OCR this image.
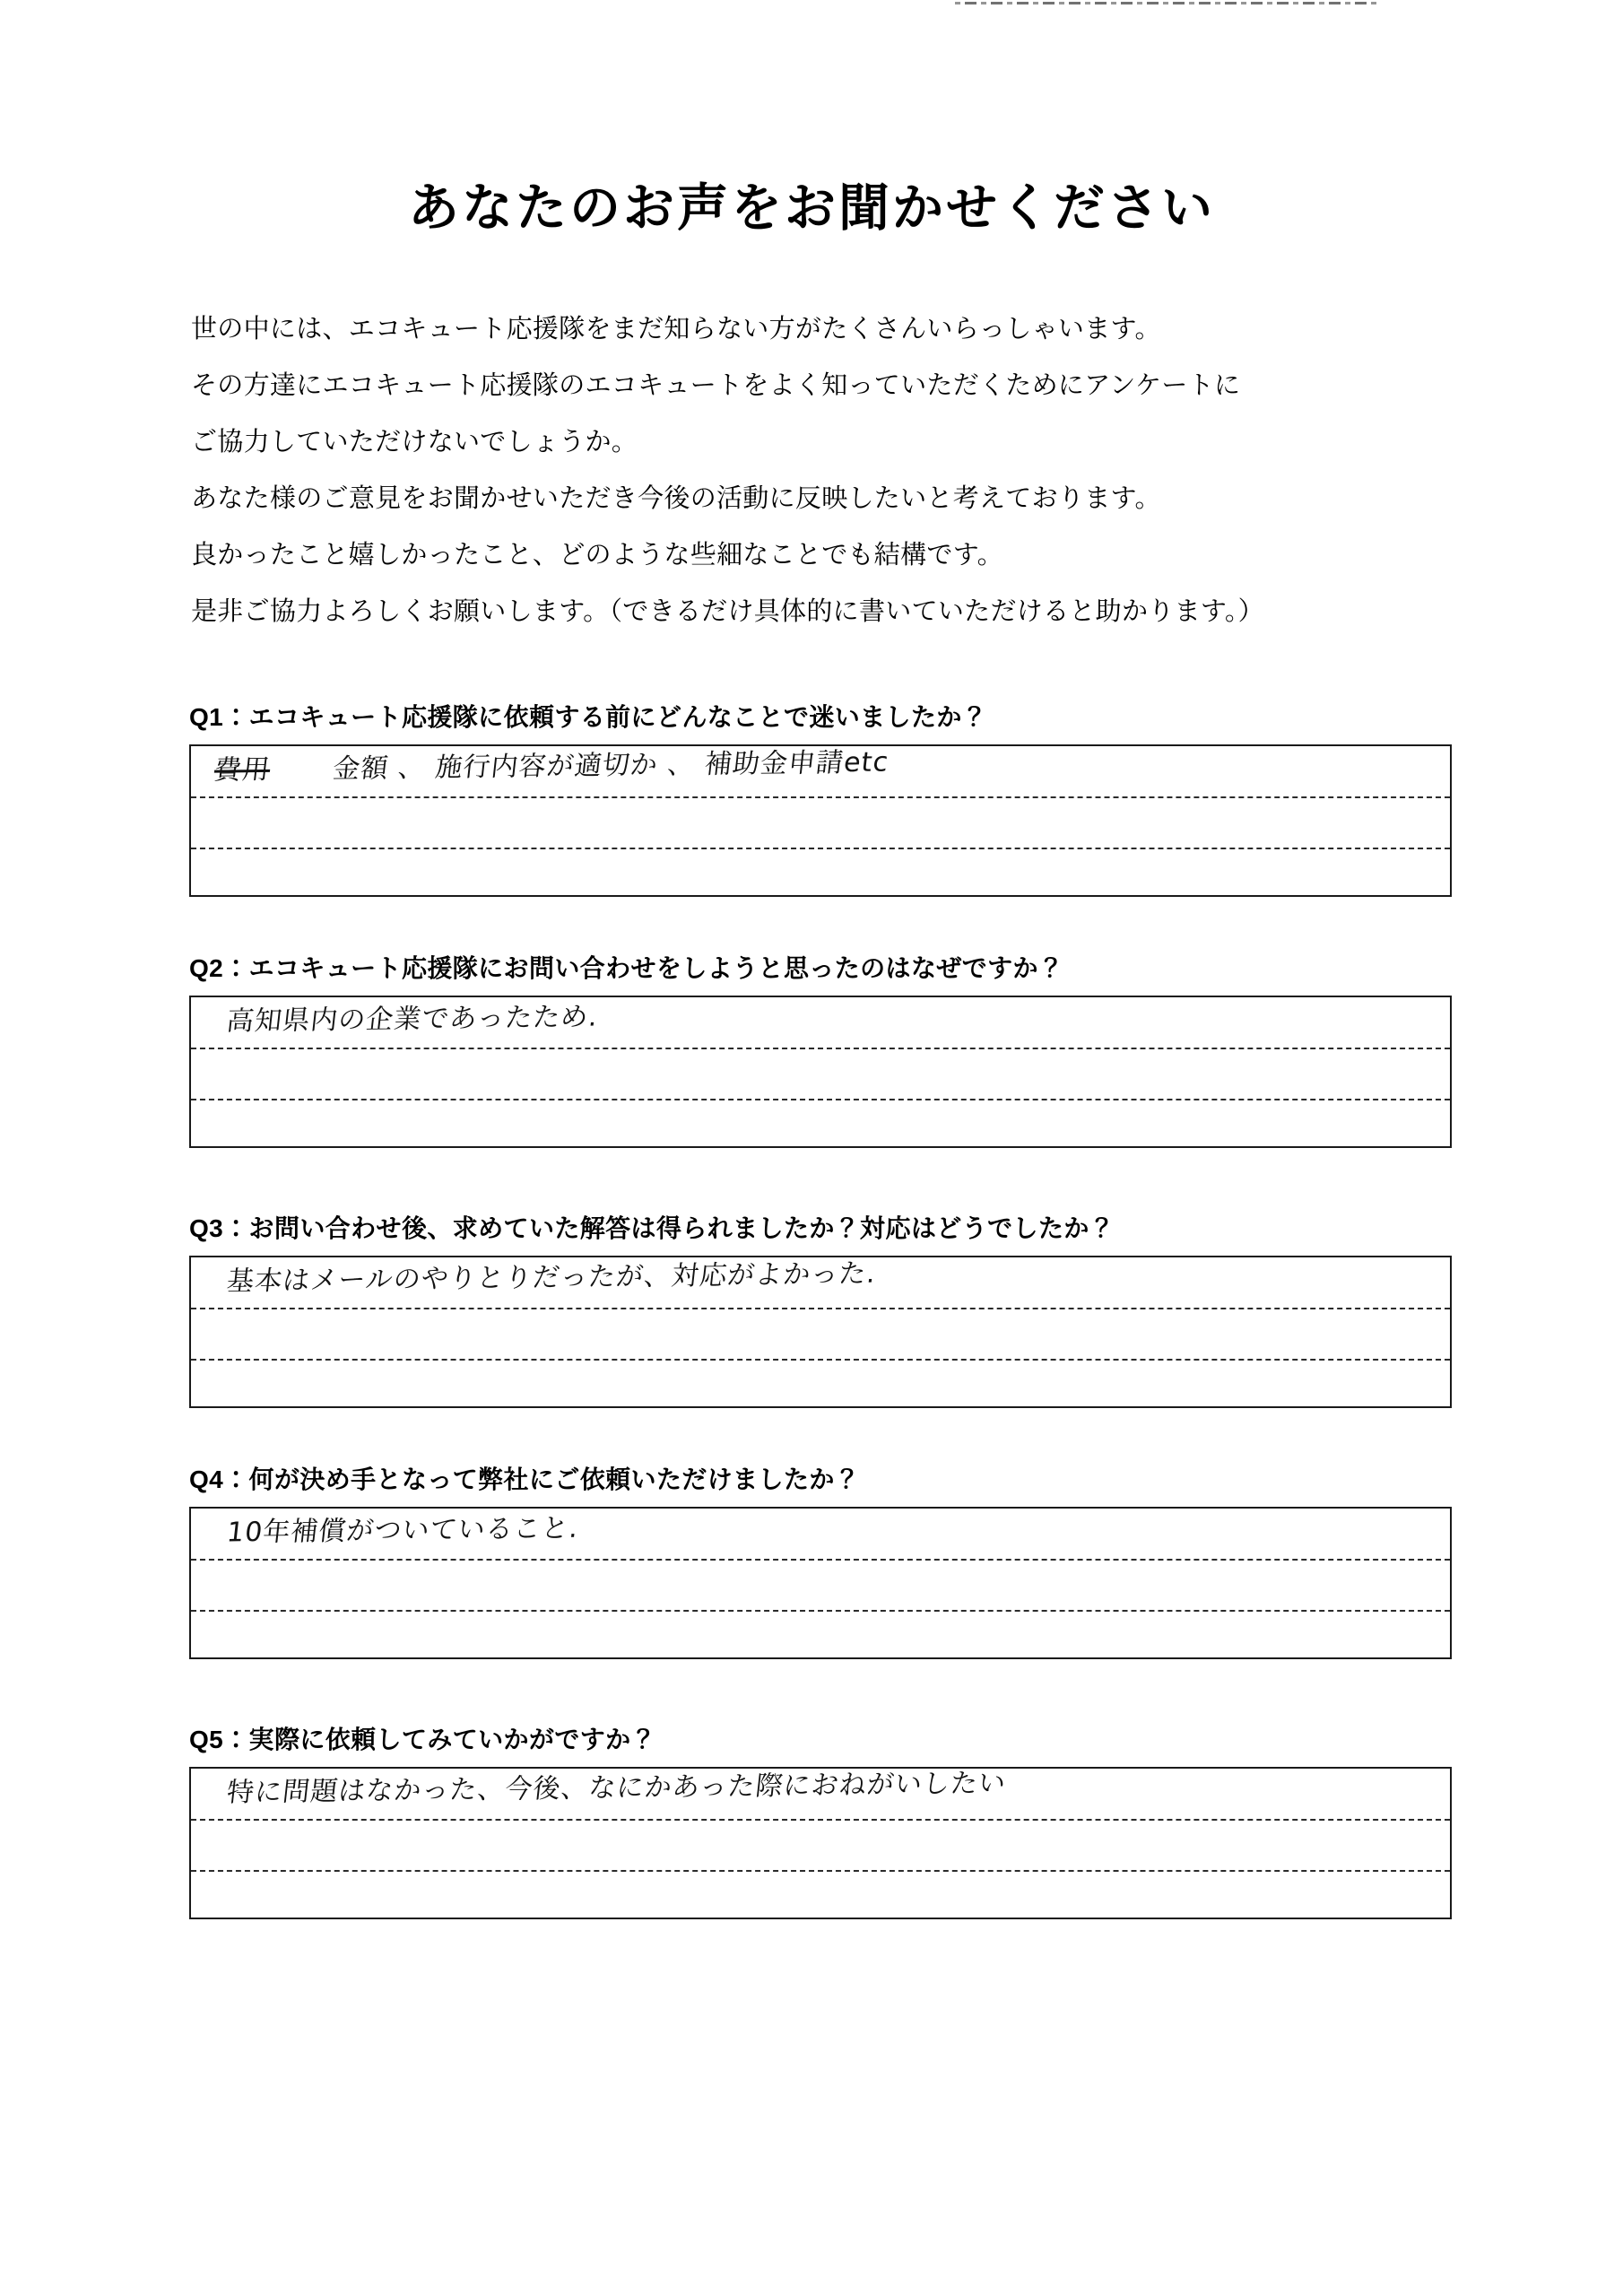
あなたのお声をお聞かせください
世の中には、エコキュート応援隊をまだ知らない方がたくさんいらっしゃいます。
その方達にエコキュート応援隊のエコキュートをよく知っていただくためにアンケートに
ご協力していただけないでしょうか。
あなた様のご意見をお聞かせいただき今後の活動に反映したいと考えております。
良かったこと嬉しかったこと、どのような些細なことでも結構です。
是非ご協力よろしくお願いします。（できるだけ具体的に書いていただけると助かります。）
Q1：エコキュート応援隊に依頼する前にどんなことで迷いましたか？
費用 金額 、 施行内容が適切か 、 補助金申請etc
Q2：エコキュート応援隊にお問い合わせをしようと思ったのはなぜですか？
高知県内の企業であったため.
Q3：お問い合わせ後、求めていた解答は得られましたか？対応はどうでしたか？
基本はメールのやりとりだったが、対応がよかった.
Q4：何が決め手となって弊社にご依頼いただけましたか？
10年補償がついていること.
Q5：実際に依頼してみていかがですか？
特に問題はなかった、今後、なにかあった際におねがいしたい
